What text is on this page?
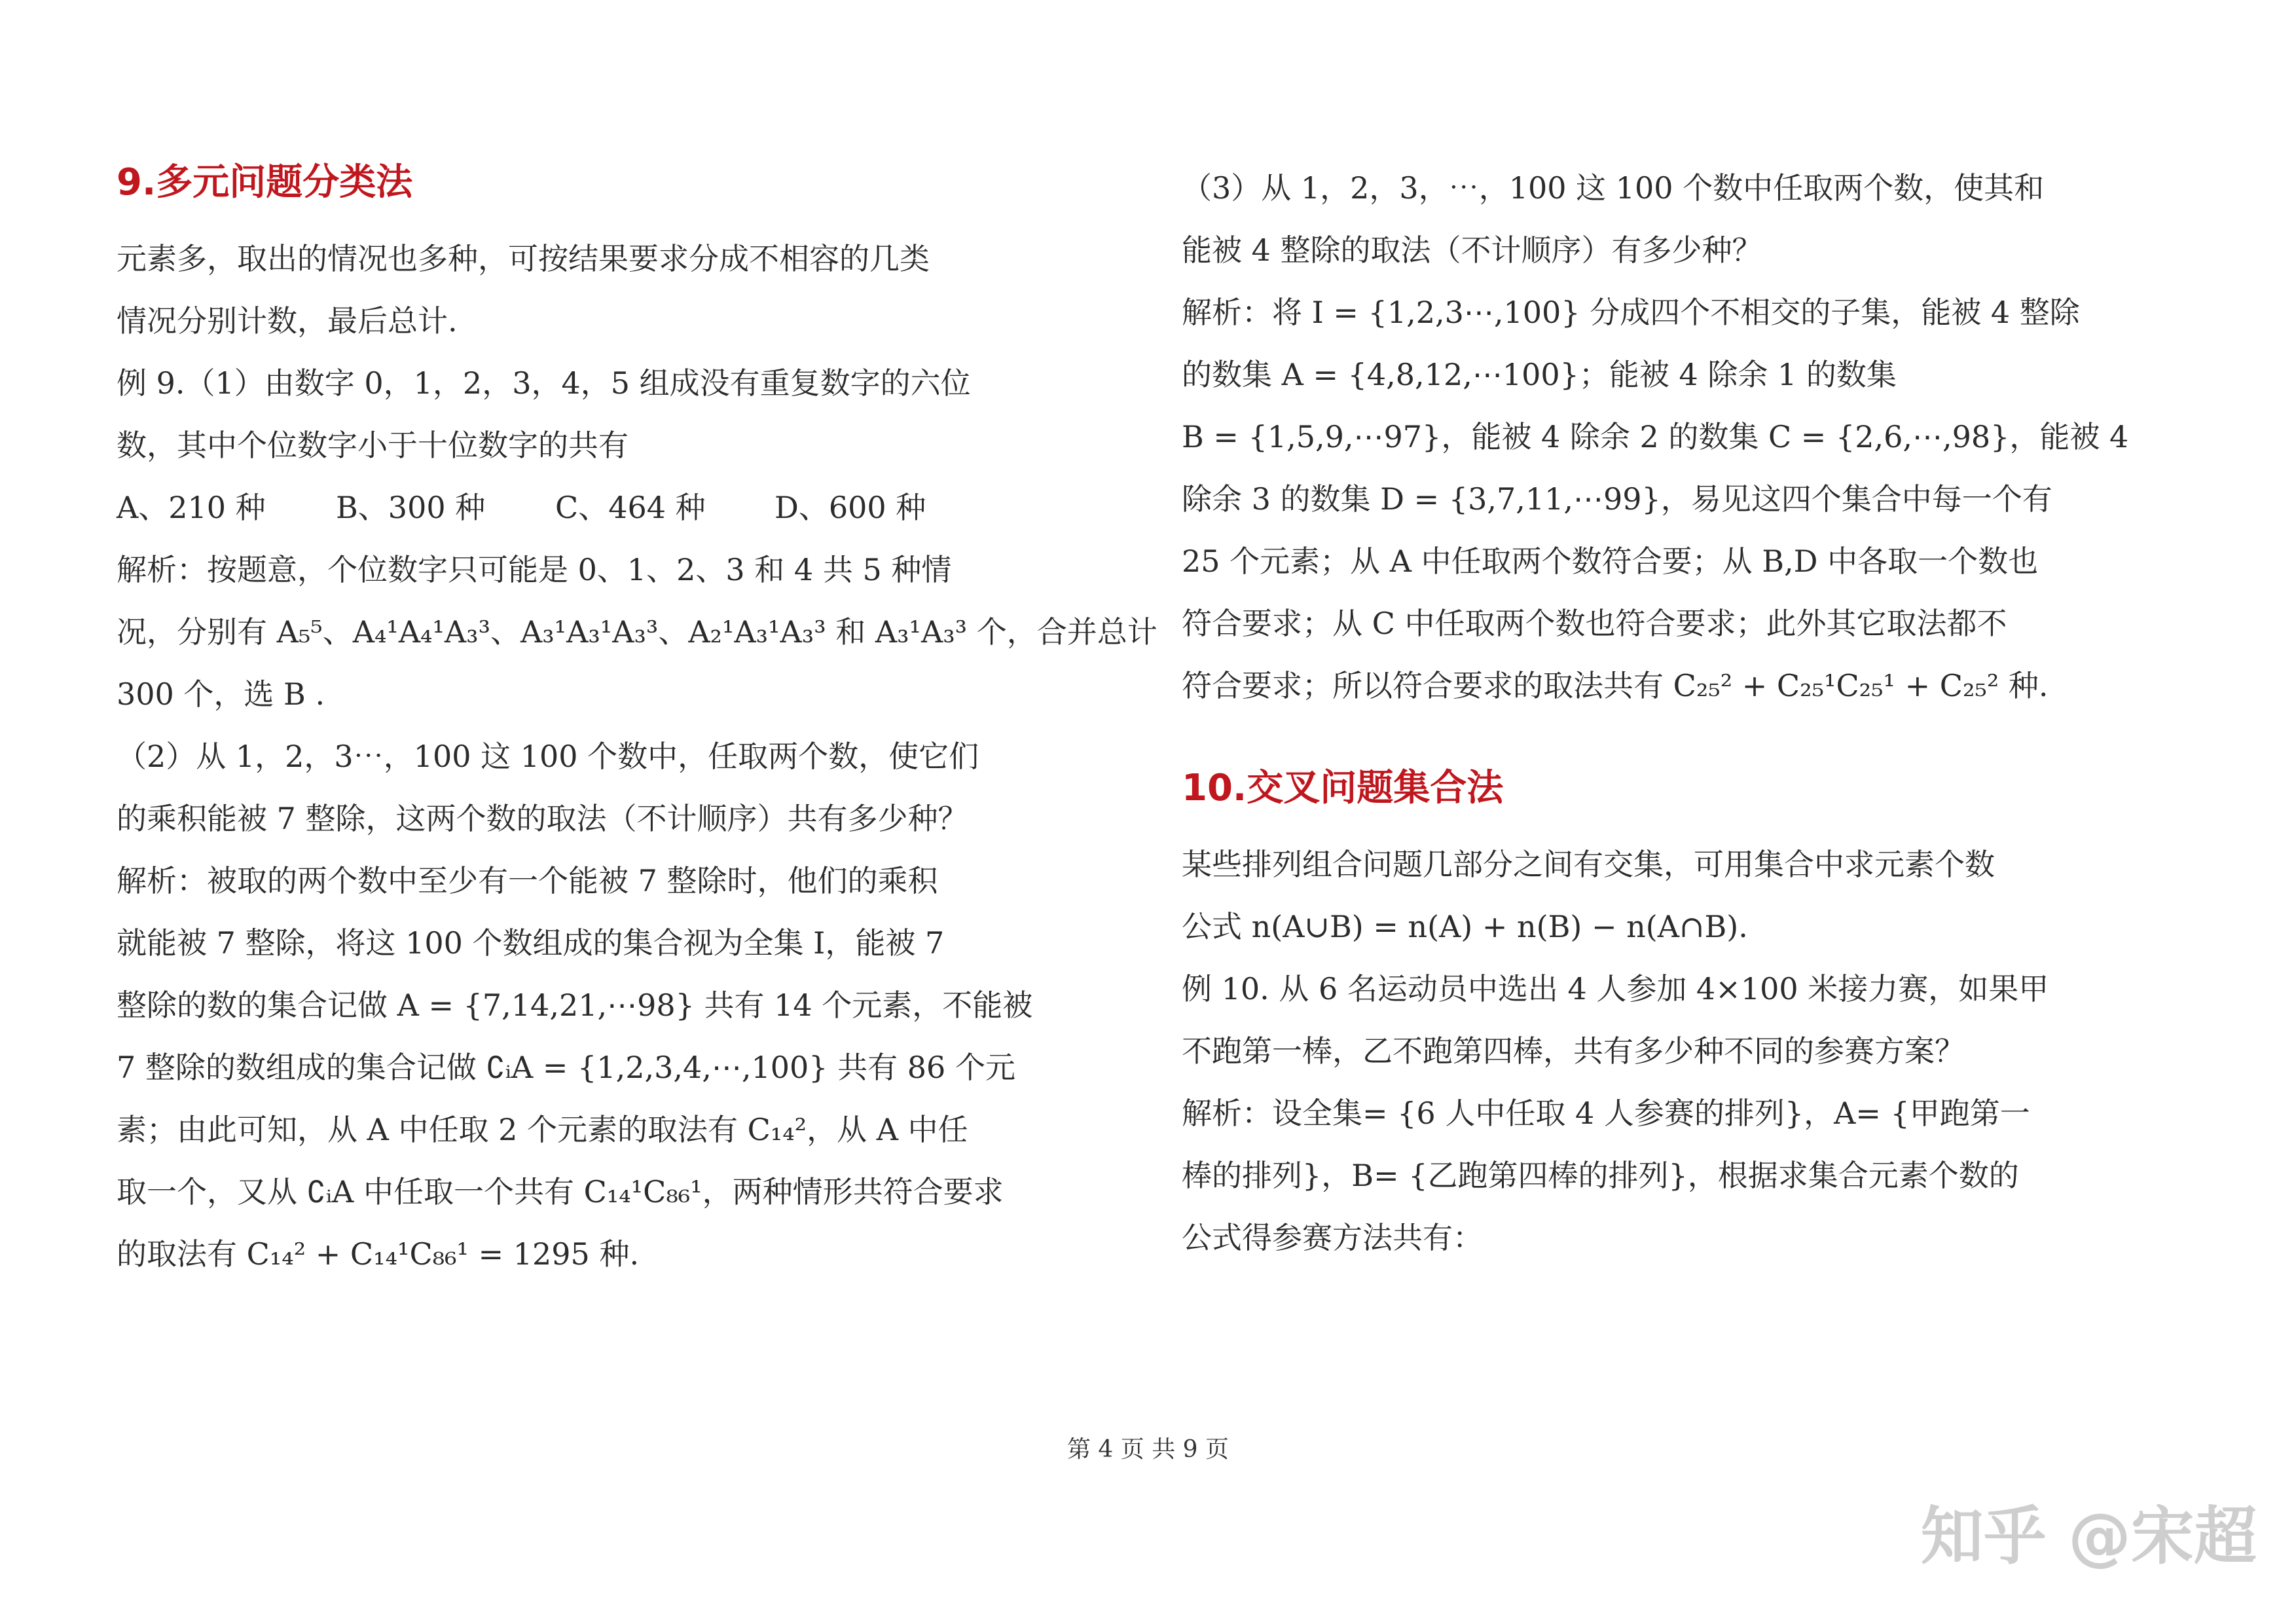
9.多元问题分类法

元素多，取出的情况也多种，可按结果要求分成不相容的几类

情况分别计数，最后总计.

例 9.（1）由数字 0，1，2，3，4，5 组成没有重复数字的六位

数，其中个位数字小于十位数字的共有

A、210 种	B、300 种	C、464 种	D、600 种

解析：按题意，个位数字只可能是 0、1、2、3 和 4 共 5 种情

况，分别有 A₅⁵、A₄¹A₄¹A₃³、A₃¹A₃¹A₃³、A₂¹A₃¹A₃³ 和 A₃¹A₃³ 个，合并总计

300 个，选 B .

（2）从 1，2，3⋯，100 这 100 个数中，任取两个数，使它们

的乘积能被 7 整除，这两个数的取法（不计顺序）共有多少种？

解析：被取的两个数中至少有一个能被 7 整除时，他们的乘积

就能被 7 整除，将这 100 个数组成的集合视为全集 I，能被 7

整除的数的集合记做 A = {7,14,21,⋯98} 共有 14 个元素，不能被

7 整除的数组成的集合记做 ∁ᵢA = {1,2,3,4,⋯,100} 共有 86 个元

素；由此可知，从 A 中任取 2 个元素的取法有 C₁₄²，从 A 中任

取一个，又从 ∁ᵢA 中任取一个共有 C₁₄¹C₈₆¹，两种情形共符合要求

的取法有 C₁₄² + C₁₄¹C₈₆¹ = 1295 种.

（3）从 1，2，3，⋯，100 这 100 个数中任取两个数，使其和

能被 4 整除的取法（不计顺序）有多少种？

解析：将 I = {1,2,3⋯,100} 分成四个不相交的子集，能被 4 整除

的数集 A = {4,8,12,⋯100}；能被 4 除余 1 的数集

B = {1,5,9,⋯97}，能被 4 除余 2 的数集 C = {2,6,⋯,98}，能被 4

除余 3 的数集 D = {3,7,11,⋯99}，易见这四个集合中每一个有

25 个元素；从 A 中任取两个数符合要；从 B,D 中各取一个数也

符合要求；从 C 中任取两个数也符合要求；此外其它取法都不

符合要求；所以符合要求的取法共有 C₂₅² + C₂₅¹C₂₅¹ + C₂₅² 种.

10.交叉问题集合法

某些排列组合问题几部分之间有交集，可用集合中求元素个数

公式 n(A∪B) = n(A) + n(B) − n(A∩B).

例 10. 从 6 名运动员中选出 4 人参加 4×100 米接力赛，如果甲

不跑第一棒，乙不跑第四棒，共有多少种不同的参赛方案？

解析：设全集= {6 人中任取 4 人参赛的排列}，A= {甲跑第一

棒的排列}，B= {乙跑第四棒的排列}，根据求集合元素个数的

公式得参赛方法共有：

第 4 页 共 9 页
知乎 @宋超
